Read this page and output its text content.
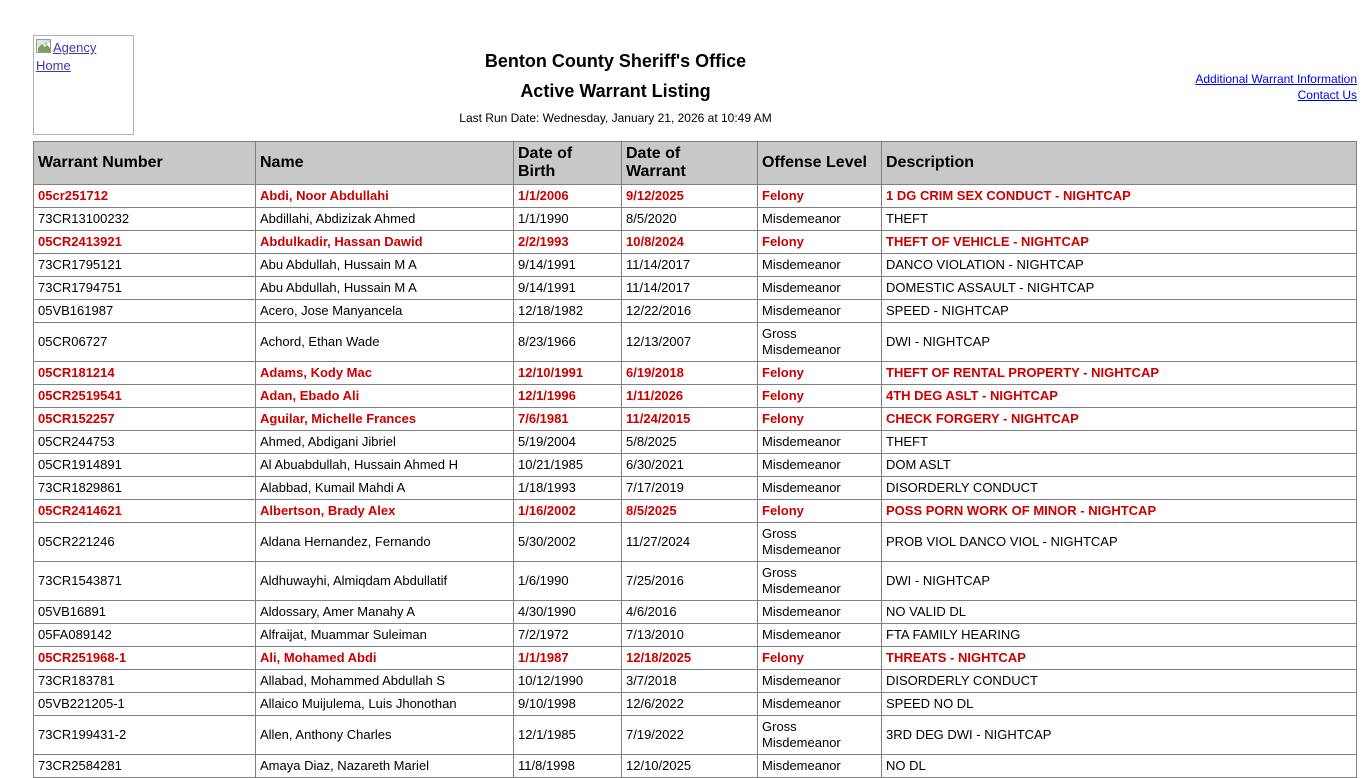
Agency Home	Benton County Sheriff's Office
Active Warrant Listing
Last Run Date: Wednesday, January 21, 2026 at 10:49 AM
Additional Warrant Information
Contact Us
Warrant Number	Name	Date of Birth	Date of Warrant	Offense Level	Description
05cr251712	Abdi, Noor Abdullahi	1/1/2006	9/12/2025	Felony	1 DG CRIM SEX CONDUCT - NIGHTCAP
73CR13100232	Abdillahi, Abdizizak Ahmed	1/1/1990	8/5/2020	Misdemeanor	THEFT
05CR2413921	Abdulkadir, Hassan Dawid	2/2/1993	10/8/2024	Felony	THEFT OF VEHICLE - NIGHTCAP
73CR1795121	Abu Abdullah, Hussain M A	9/14/1991	11/14/2017	Misdemeanor	DANCO VIOLATION - NIGHTCAP
73CR1794751	Abu Abdullah, Hussain M A	9/14/1991	11/14/2017	Misdemeanor	DOMESTIC ASSAULT - NIGHTCAP
05VB161987	Acero, Jose Manyancela	12/18/1982	12/22/2016	Misdemeanor	SPEED - NIGHTCAP
05CR06727	Achord, Ethan Wade	8/23/1966	12/13/2007	Gross Misdemeanor	DWI - NIGHTCAP
05CR181214	Adams, Kody Mac	12/10/1991	6/19/2018	Felony	THEFT OF RENTAL PROPERTY - NIGHTCAP
05CR2519541	Adan, Ebado Ali	12/1/1996	1/11/2026	Felony	4TH DEG ASLT - NIGHTCAP
05CR152257	Aguilar, Michelle Frances	7/6/1981	11/24/2015	Felony	CHECK FORGERY - NIGHTCAP
05CR244753	Ahmed, Abdigani Jibriel	5/19/2004	5/8/2025	Misdemeanor	THEFT
05CR1914891	Al Abuabdullah, Hussain Ahmed H	10/21/1985	6/30/2021	Misdemeanor	DOM ASLT
73CR1829861	Alabbad, Kumail Mahdi A	1/18/1993	7/17/2019	Misdemeanor	DISORDERLY CONDUCT
05CR2414621	Albertson, Brady Alex	1/16/2002	8/5/2025	Felony	POSS PORN WORK OF MINOR - NIGHTCAP
05CR221246	Aldana Hernandez, Fernando	5/30/2002	11/27/2024	Gross Misdemeanor	PROB VIOL DANCO VIOL - NIGHTCAP
73CR1543871	Aldhuwayhi, Almiqdam Abdullatif	1/6/1990	7/25/2016	Gross Misdemeanor	DWI - NIGHTCAP
05VB16891	Aldossary, Amer Manahy A	4/30/1990	4/6/2016	Misdemeanor	NO VALID DL
05FA089142	Alfraijat, Muammar Suleiman	7/2/1972	7/13/2010	Misdemeanor	FTA FAMILY HEARING
05CR251968-1	Ali, Mohamed Abdi	1/1/1987	12/18/2025	Felony	THREATS - NIGHTCAP
73CR183781	Allabad, Mohammed Abdullah S	10/12/1990	3/7/2018	Misdemeanor	DISORDERLY CONDUCT
05VB221205-1	Allaico Muijulema, Luis Jhonothan	9/10/1998	12/6/2022	Misdemeanor	SPEED NO DL
73CR199431-2	Allen, Anthony Charles	12/1/1985	7/19/2022	Gross Misdemeanor	3RD DEG DWI - NIGHTCAP
73CR2584281	Amaya Diaz, Nazareth Mariel	11/8/1998	12/10/2025	Misdemeanor	NO DL
